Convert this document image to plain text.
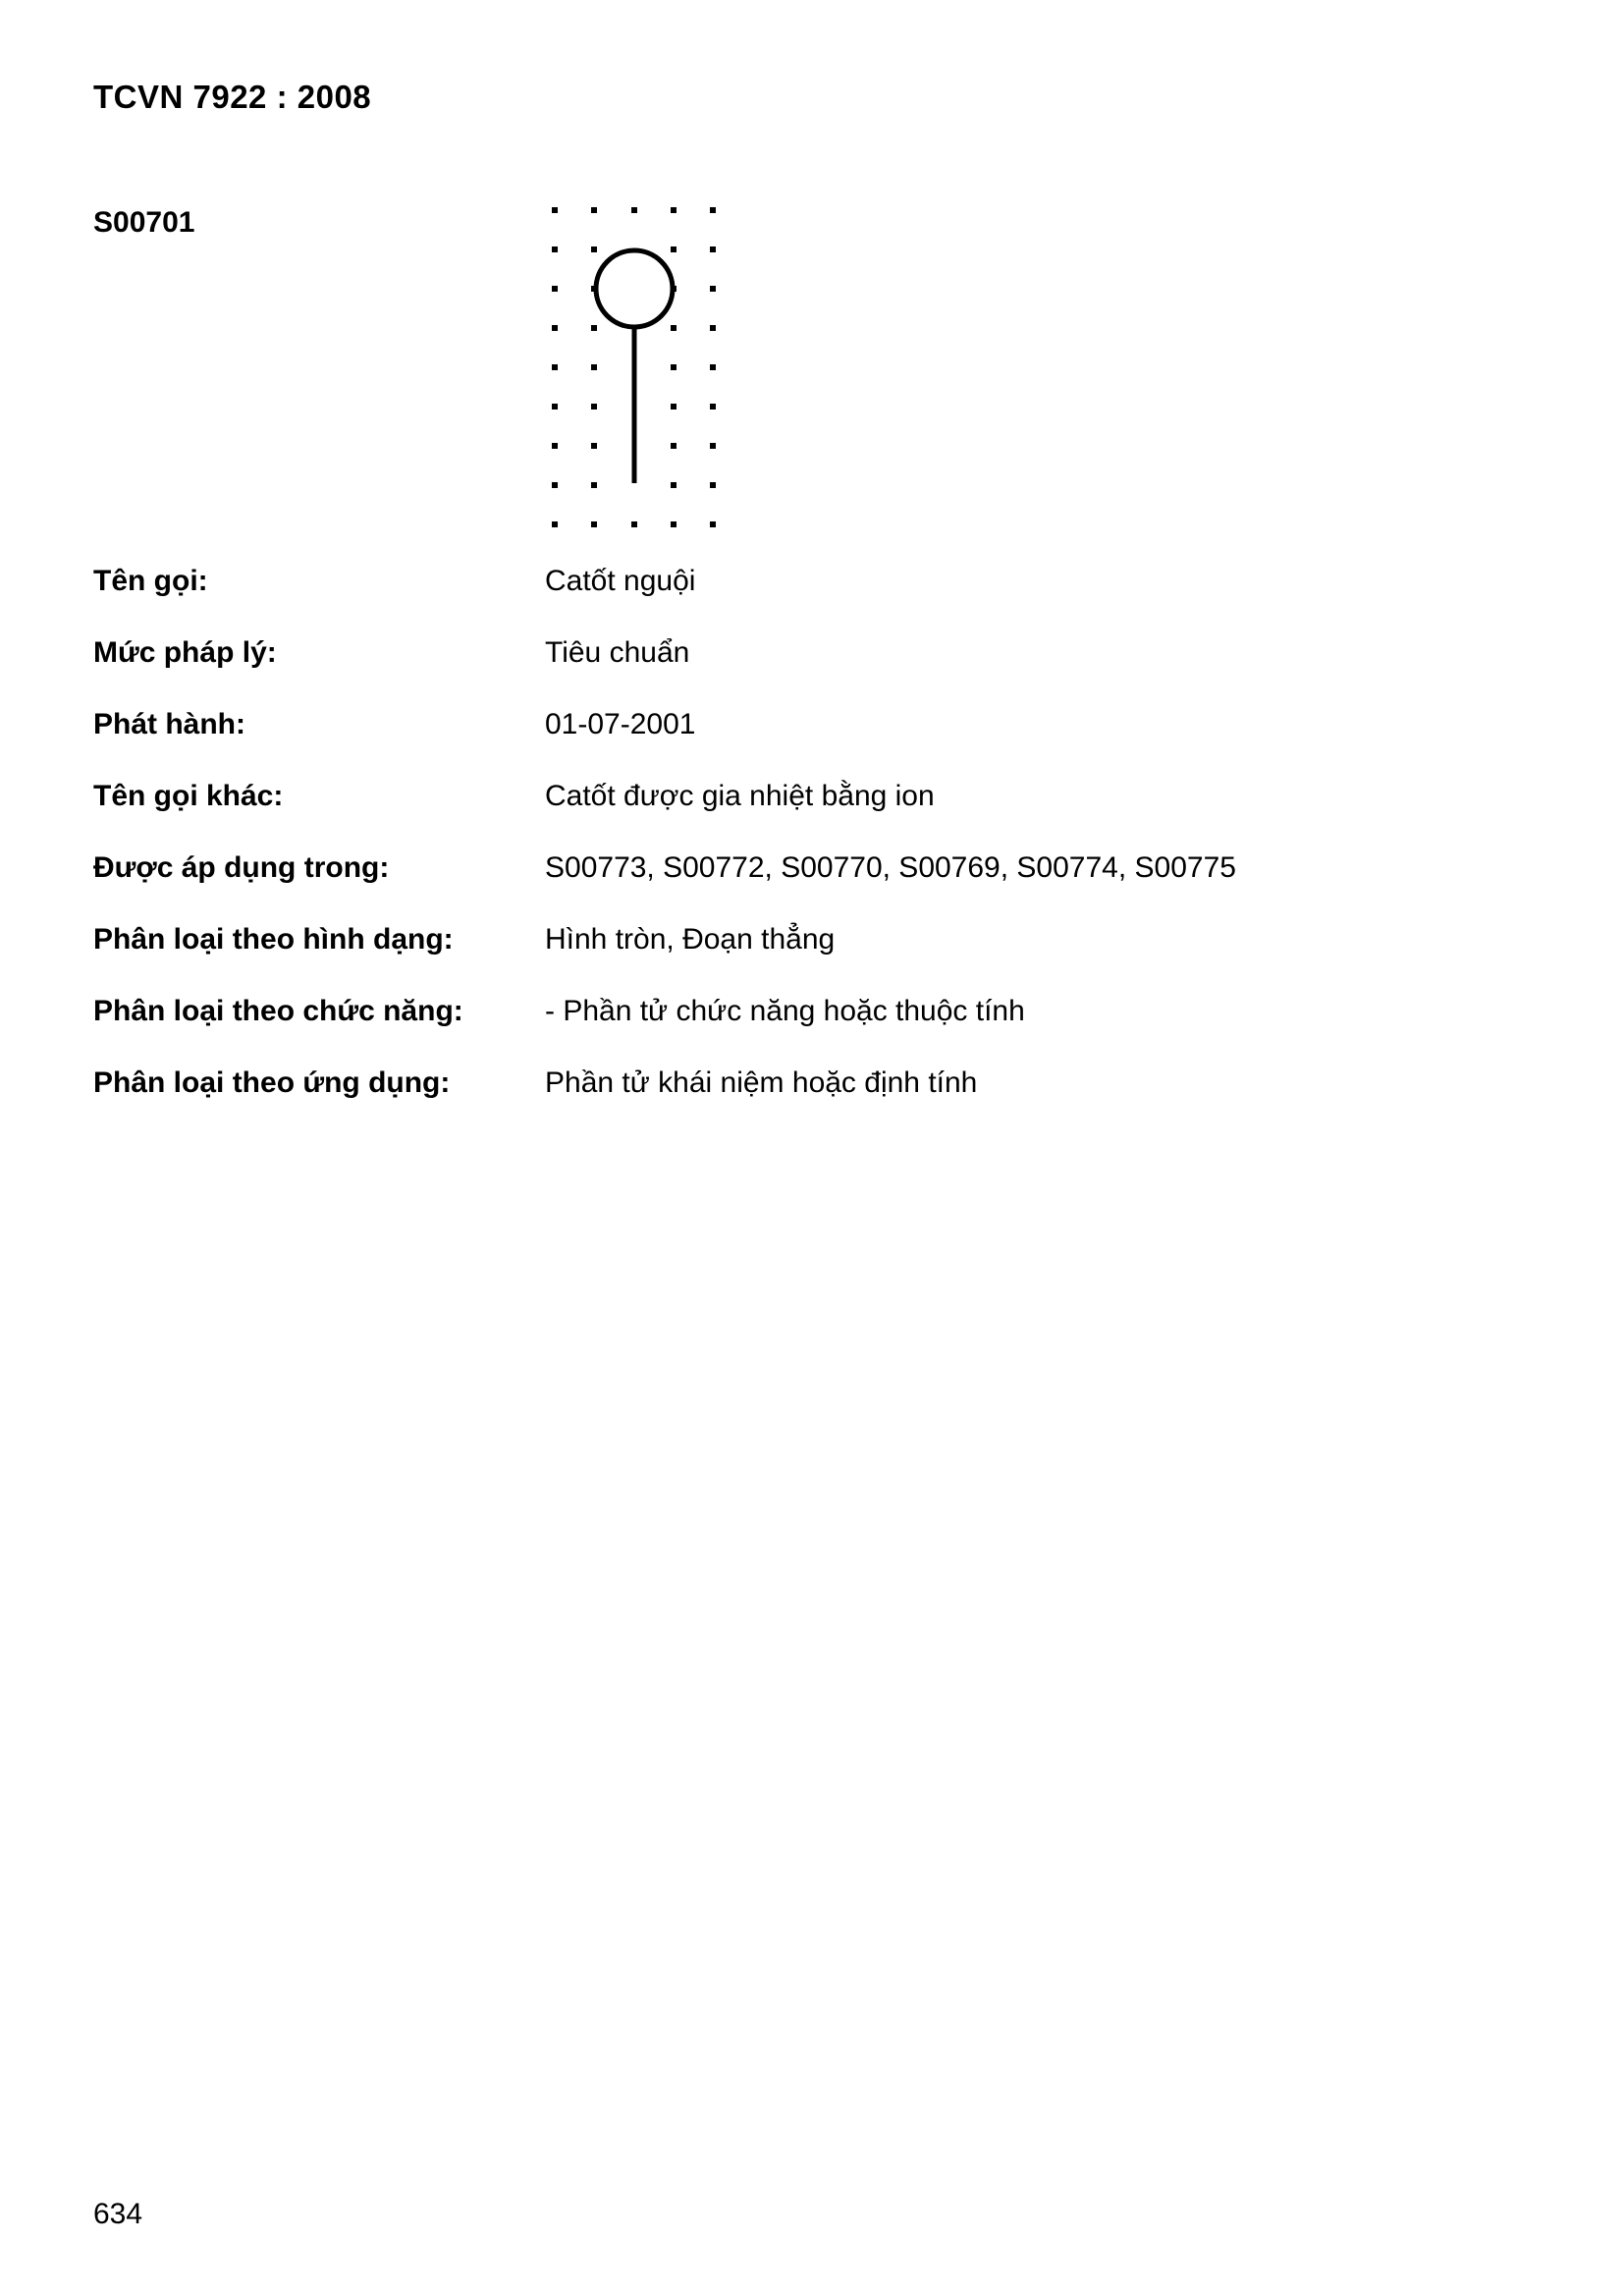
TCVN 7922 : 2008
S00701
Tên gọi:	Catốt nguội
Mức pháp lý:	Tiêu chuẩn
Phát hành:	01-07-2001
Tên gọi khác:	Catốt được gia nhiệt bằng ion
Được áp dụng trong:	S00773, S00772, S00770, S00769, S00774, S00775
Phân loại theo hình dạng:	Hình tròn, Đoạn thẳng
Phân loại theo chức năng:	- Phần tử chức năng hoặc thuộc tính
Phân loại theo ứng dụng:	Phần tử khái niệm hoặc định tính
634
